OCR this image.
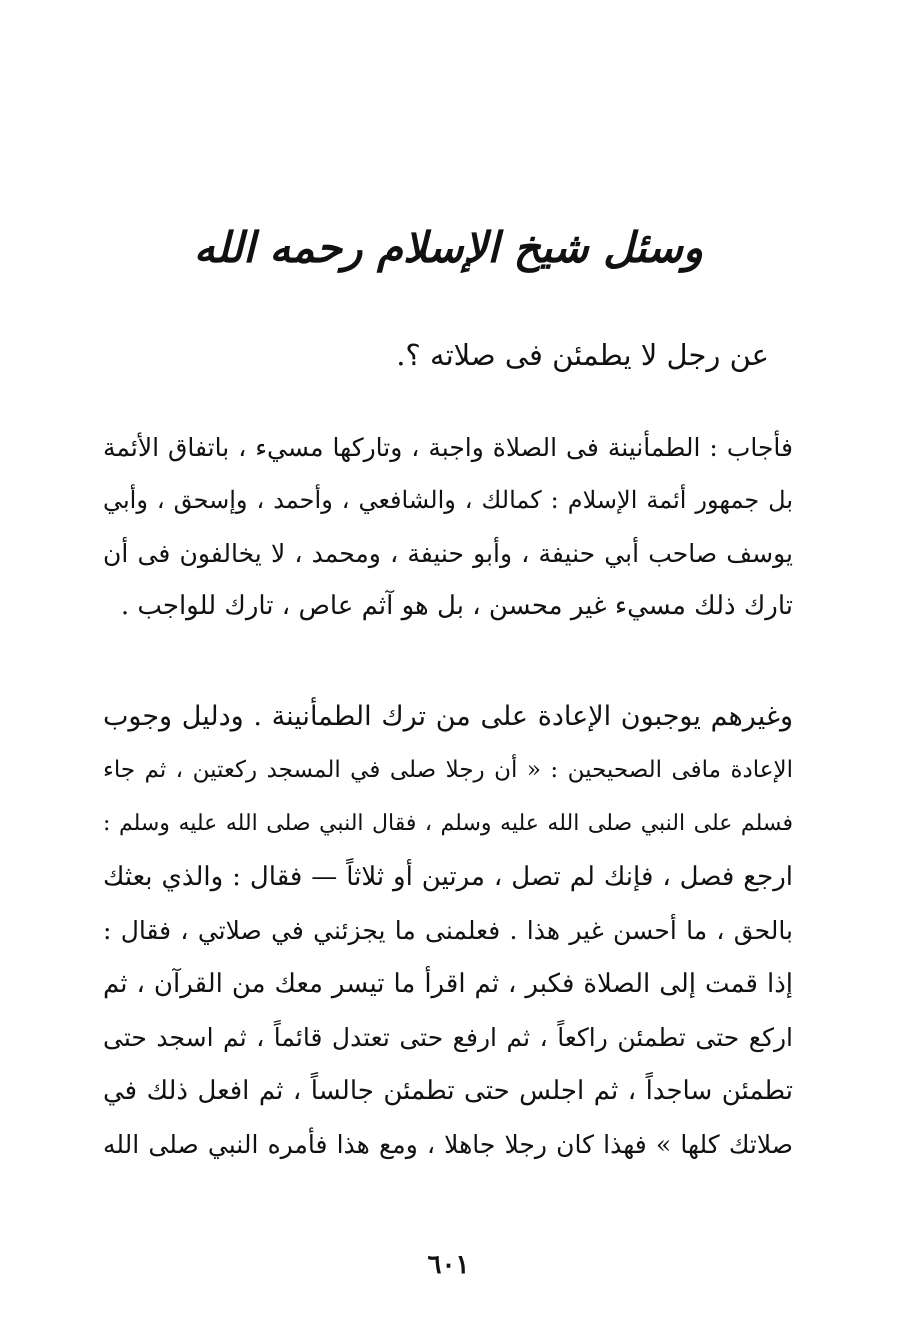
وسئل شيخ الإسلام رحمه الله
عن رجل لا يطمئن فى صلاته ؟.
فأجاب : الطمأنينة فى الصلاة واجبة ، وتاركها مسيء ، باتفاق الأئمة
بل جمهور أئمة الإسلام : كمالك ، والشافعي ، وأحمد ، وإسحق ، وأبي
يوسف صاحب أبي حنيفة ، وأبو حنيفة ، ومحمد ، لا يخالفون فى أن
تارك ذلك مسيء غير محسن ، بل هو آثم عاص ، تارك للواجب .
وغيرهم يوجبون الإعادة على من ترك الطمأنينة . ودليل وجوب
الإعادة مافى الصحيحين : « أن رجلا صلى في المسجد ركعتين ، ثم جاء
فسلم على النبي صلى الله عليه وسلم ، فقال النبي صلى الله عليه وسلم :
ارجع فصل ، فإنك لم تصل ، مرتين أو ثلاثاً — فقال : والذي بعثك
بالحق ، ما أحسن غير هذا . فعلمنى ما يجزئني في صلاتي ، فقال :
إذا قمت إلى الصلاة فكبر ، ثم اقرأ ما تيسر معك من القرآن ، ثم
اركع حتى تطمئن راكعاً ، ثم ارفع حتى تعتدل قائماً ، ثم اسجد حتى
تطمئن ساجداً ، ثم اجلس حتى تطمئن جالساً ، ثم افعل ذلك في
صلاتك كلها » فهذا كان رجلا جاهلا ، ومع هذا فأمره النبي صلى الله
٦٠١
